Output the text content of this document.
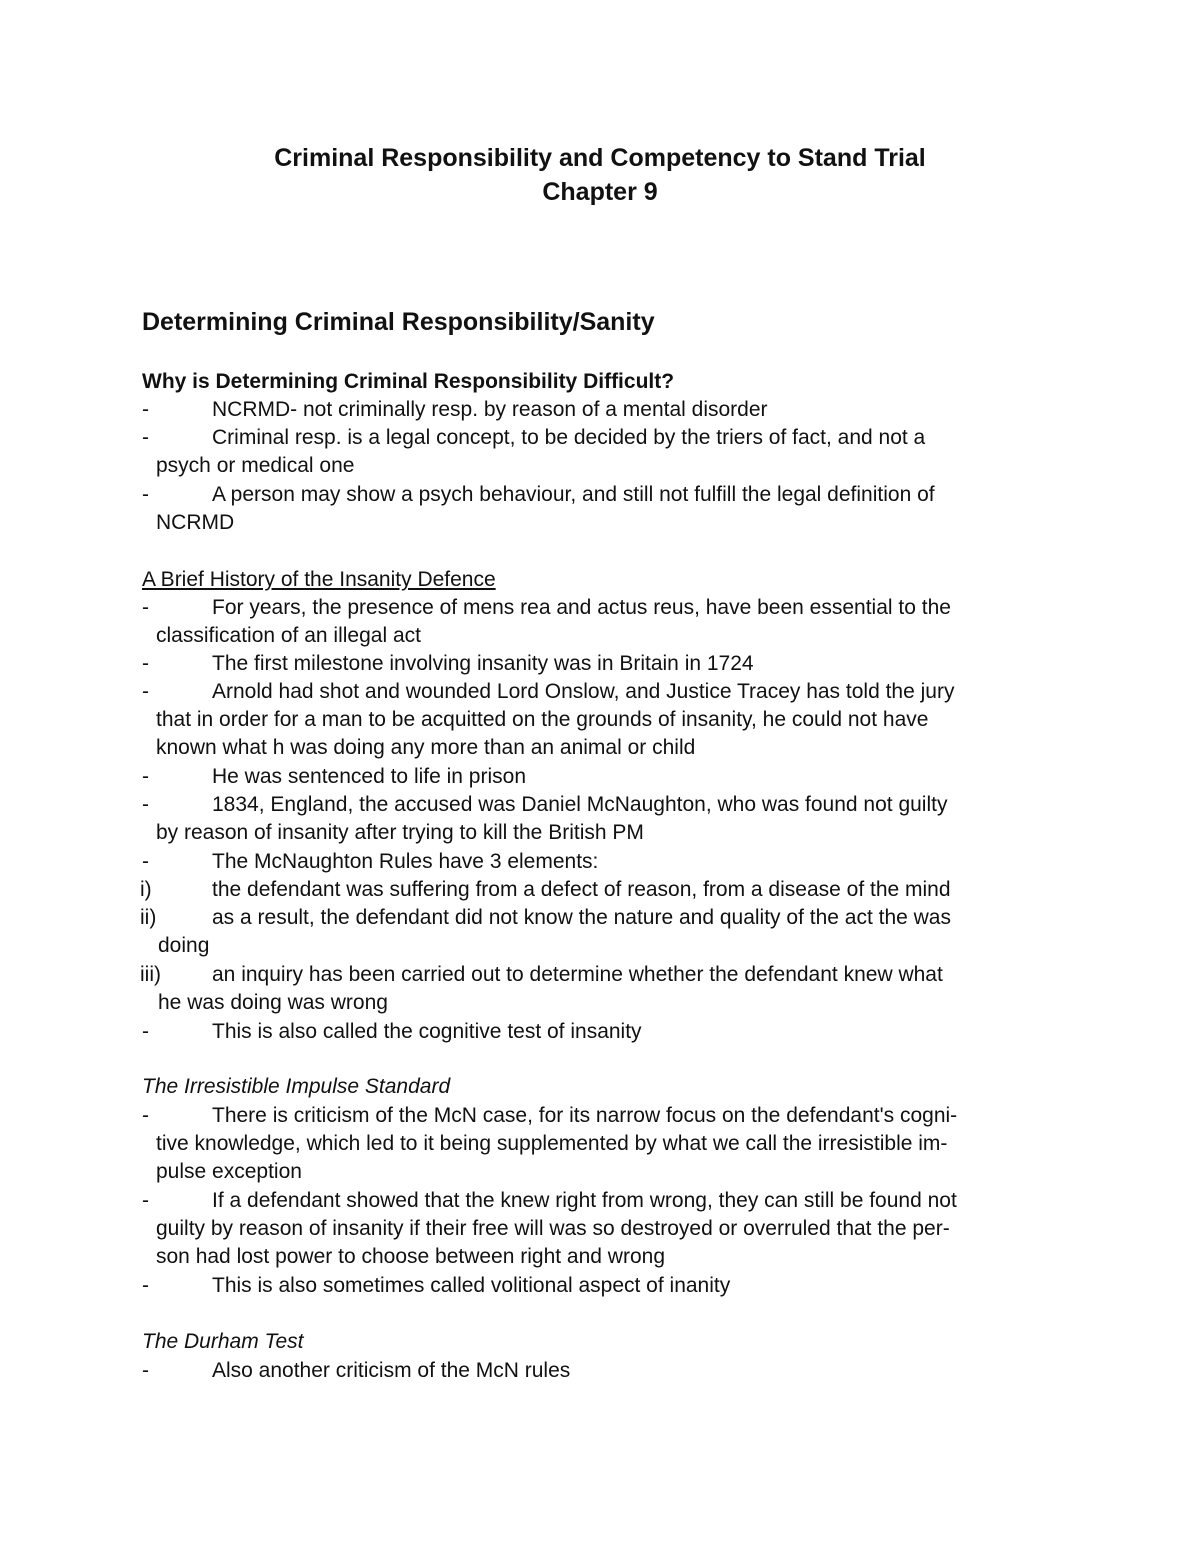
Criminal Responsibility and Competency to Stand Trial
Chapter 9
Determining Criminal Responsibility/Sanity
Why is Determining Criminal Responsibility Difficult?
-	NCRMD- not criminally resp. by reason of a mental disorder
-	Criminal resp. is a legal concept, to be decided by the triers of fact, and not a
psych or medical one
-	A person may show a psych behaviour, and still not fulfill the legal definition of
NCRMD
A Brief History of the Insanity Defence
-	For years, the presence of mens rea and actus reus, have been essential to the
classification of an illegal act
-	The first milestone involving insanity was in Britain in 1724
-	Arnold had shot and wounded Lord Onslow, and Justice Tracey has told the jury
that in order for a man to be acquitted on the grounds of insanity, he could not have
known what h was doing any more than an animal or child
-	He was sentenced to life in prison
-	1834, England, the accused was Daniel McNaughton, who was found not guilty
by reason of insanity after trying to kill the British PM
-	The McNaughton Rules have 3 elements:
i)	the defendant was suffering from a defect of reason, from a disease of the mind
ii)	as a result, the defendant did not know the nature and quality of the act the was
doing
iii) an inquiry has been carried out to determine whether the defendant knew what
he was doing was wrong
-	This is also called the cognitive test of insanity
The Irresistible Impulse Standard
-	There is criticism of the McN case, for its narrow focus on the defendant's cogni-
tive knowledge, which led to it being supplemented by what we call the irresistible im-
pulse exception
-	If a defendant showed that the knew right from wrong, they can still be found not
guilty by reason of insanity if their free will was so destroyed or overruled that the per-
son had lost power to choose between right and wrong
-	This is also sometimes called volitional aspect of inanity
The Durham Test
-	Also another criticism of the McN rules
